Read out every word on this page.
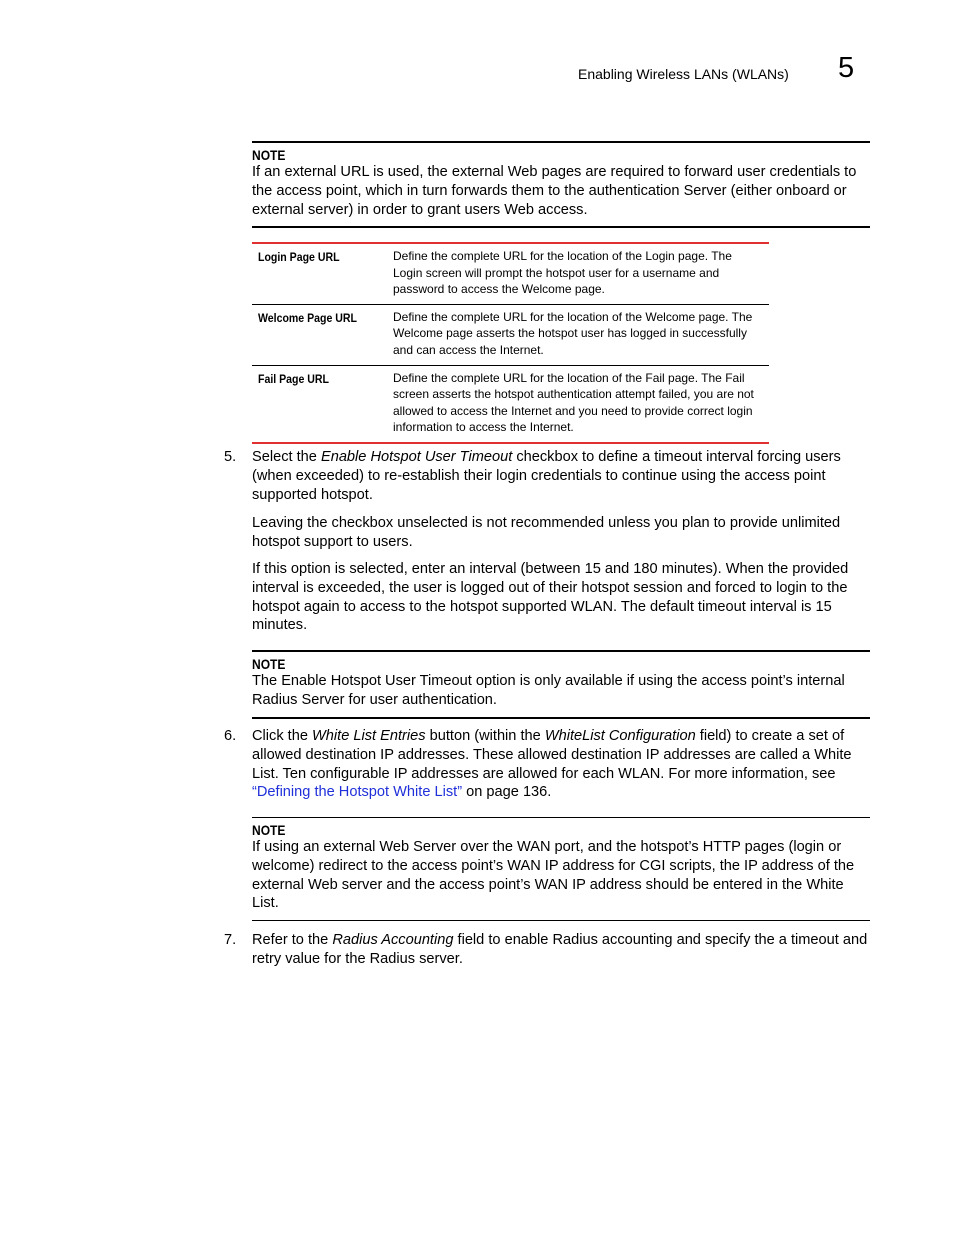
Enabling Wireless LANs (WLANs) 5
NOTE
If an external URL is used, the external Web pages are required to forward user credentials to the access point, which in turn forwards them to the authentication Server (either onboard or external server) in order to grant users Web access.
Login Page URL	Define the complete URL for the location of the Login page. The Login screen will prompt the hotspot user for a username and password to access the Welcome page.
Welcome Page URL	Define the complete URL for the location of the Welcome page. The Welcome page asserts the hotspot user has logged in successfully and can access the Internet.
Fail Page URL	Define the complete URL for the location of the Fail page. The Fail screen asserts the hotspot authentication attempt failed, you are not allowed to access the Internet and you need to provide correct login information to access the Internet.
5. Select the Enable Hotspot User Timeout checkbox to define a timeout interval forcing users (when exceeded) to re-establish their login credentials to continue using the access point supported hotspot.

Leaving the checkbox unselected is not recommended unless you plan to provide unlimited hotspot support to users.

If this option is selected, enter an interval (between 15 and 180 minutes). When the provided interval is exceeded, the user is logged out of their hotspot session and forced to login to the hotspot again to access to the hotspot supported WLAN. The default timeout interval is 15 minutes.

NOTE
The Enable Hotspot User Timeout option is only available if using the access point’s internal Radius Server for user authentication.
6. Click the White List Entries button (within the WhiteList Configuration field) to create a set of allowed destination IP addresses. These allowed destination IP addresses are called a White List. Ten configurable IP addresses are allowed for each WLAN. For more information, see “Defining the Hotspot White List” on page 136.

NOTE
If using an external Web Server over the WAN port, and the hotspot’s HTTP pages (login or welcome) redirect to the access point’s WAN IP address for CGI scripts, the IP address of the external Web server and the access point’s WAN IP address should be entered in the White List.
7. Refer to the Radius Accounting field to enable Radius accounting and specify the a timeout and retry value for the Radius server.
